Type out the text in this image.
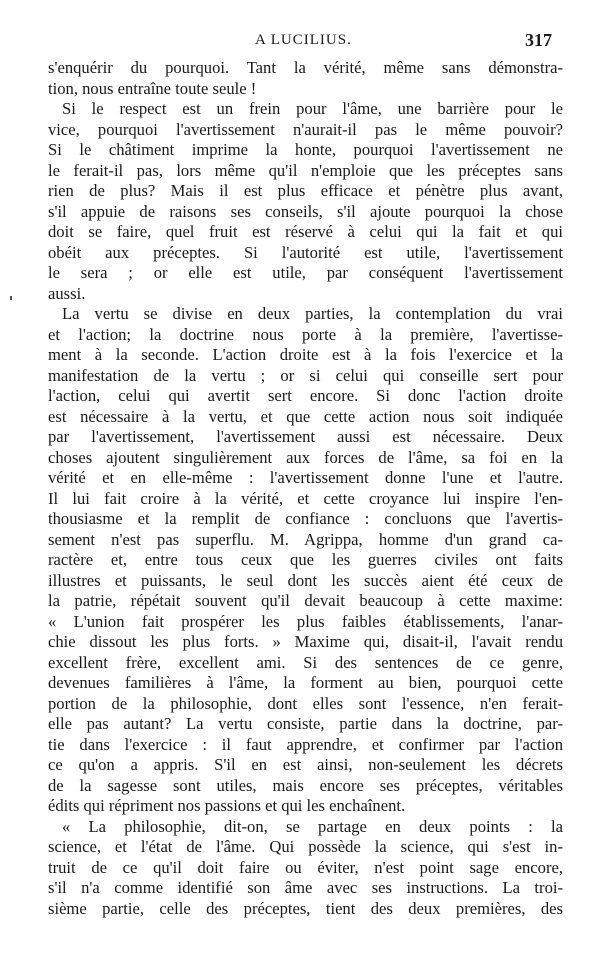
A LUCILIUS.	317
s'enquérir du pourquoi. Tant la vérité, même sans démonstra-
tion, nous entraîne toute seule !
Si le respect est un frein pour l'âme, une barrière pour le
vice, pourquoi l'avertissement n'aurait-il pas le même pouvoir?
Si le châtiment imprime la honte, pourquoi l'avertissement ne
le ferait-il pas, lors même qu'il n'emploie que les préceptes sans
rien de plus? Mais il est plus efficace et pénètre plus avant,
s'il appuie de raisons ses conseils, s'il ajoute pourquoi la chose
doit se faire, quel fruit est réservé à celui qui la fait et qui
obéit aux préceptes. Si l'autorité est utile, l'avertissement
le sera ; or elle est utile, par conséquent l'avertissement
aussi.
La vertu se divise en deux parties, la contemplation du vrai
et l'action; la doctrine nous porte à la première, l'avertisse-
ment à la seconde. L'action droite est à la fois l'exercice et la
manifestation de la vertu ; or si celui qui conseille sert pour
l'action, celui qui avertit sert encore. Si donc l'action droite
est nécessaire à la vertu, et que cette action nous soit indiquée
par l'avertissement, l'avertissement aussi est nécessaire. Deux
choses ajoutent singulièrement aux forces de l'âme, sa foi en la
vérité et en elle-même : l'avertissement donne l'une et l'autre.
Il lui fait croire à la vérité, et cette croyance lui inspire l'en-
thousiasme et la remplit de confiance : concluons que l'avertis-
sement n'est pas superflu. M. Agrippa, homme d'un grand ca-
ractère et, entre tous ceux que les guerres civiles ont faits
illustres et puissants, le seul dont les succès aient été ceux de
la patrie, répétait souvent qu'il devait beaucoup à cette maxime:
« L'union fait prospérer les plus faibles établissements, l'anar-
chie dissout les plus forts. » Maxime qui, disait-il, l'avait rendu
excellent frère, excellent ami. Si des sentences de ce genre,
devenues familières à l'âme, la forment au bien, pourquoi cette
portion de la philosophie, dont elles sont l'essence, n'en ferait-
elle pas autant? La vertu consiste, partie dans la doctrine, par-
tie dans l'exercice : il faut apprendre, et confirmer par l'action
ce qu'on a appris. S'il en est ainsi, non-seulement les décrets
de la sagesse sont utiles, mais encore ses préceptes, véritables
édits qui répriment nos passions et qui les enchaînent.
« La philosophie, dit-on, se partage en deux points : la
science, et l'état de l'âme. Qui possède la science, qui s'est in-
truit de ce qu'il doit faire ou éviter, n'est point sage encore,
s'il n'a comme identifié son âme avec ses instructions. La troi-
sième partie, celle des préceptes, tient des deux premières, des
